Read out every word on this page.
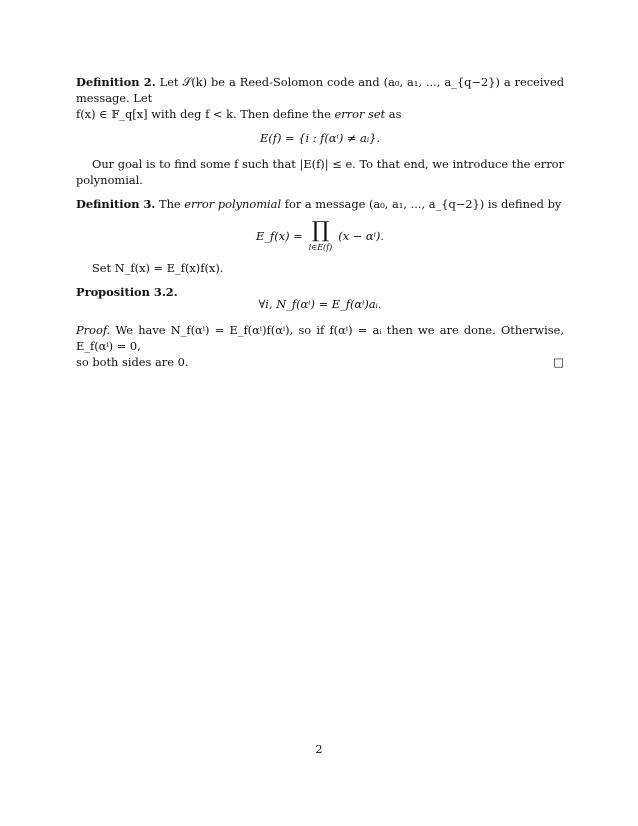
Definition 2. Let 𝒮(k) be a Reed-Solomon code and (a₀, a₁, ..., a_{q−2}) a received message. Let
f(x) ∈ 𝔽_q[x] with deg f < k. Then define the error set as
E(f) = {i : f(αⁱ) ≠ aᵢ}.

Our goal is to find some f such that |E(f)| ≤ e. To that end, we introduce the error polynomial.

Definition 3. The error polynomial for a message (a₀, a₁, ..., a_{q−2}) is defined by
E_f(x) = ∏
i∈E(f)
(x − αⁱ).

Set N_f(x) = E_f(x)f(x).

Proposition 3.2.
∀i, N_f(αⁱ) = E_f(αⁱ)aᵢ.
Proof. We have N_f(αⁱ) = E_f(αⁱ)f(αⁱ), so if f(αⁱ) = aᵢ then we are done. Otherwise, E_f(αⁱ) = 0,
so both sides are 0.	□
2
